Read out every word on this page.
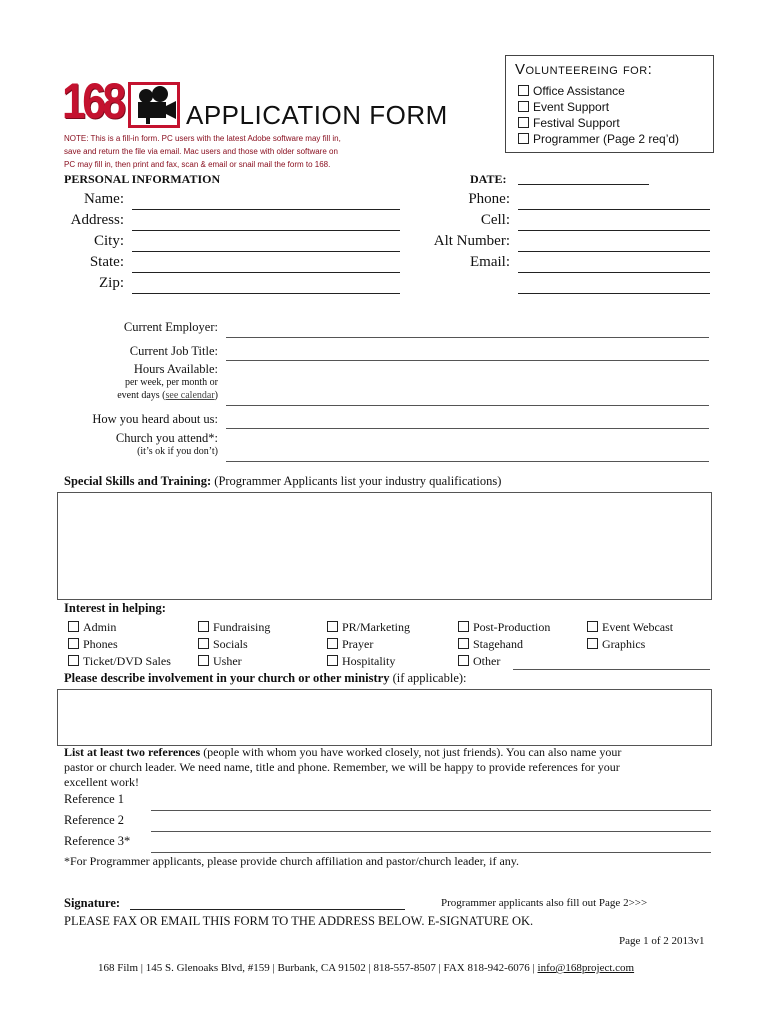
168 APPLICATION FORM
NOTE: This is a fill-in form. PC users with the latest Adobe software may fill in,
save and return the file via email. Mac users and those with older software on
PC may fill in, then print and fax, scan & email or snail mail the form to 168.
Volunteereing for:
Office Assistance
Event Support
Festival Support
Programmer (Page 2 req’d)
PERSONAL INFORMATION	DATE:
Name:
Address:
City:
State:
Zip:
Phone:
Cell:
Alt Number:
Email:
Current Employer:
Current Job Title:
Hours Available:
per week, per month or
event days (see calendar)
How you heard about us:
Church you attend*:
(it’s ok if you don’t)
Special Skills and Training: (Programmer Applicants list your industry qualifications)
Interest in helping:
Admin
Phones
Ticket/DVD Sales
Fundraising
Socials
Usher
PR/Marketing
Prayer
Hospitality
Post-Production
Stagehand
Other
Event Webcast
Graphics
Please describe involvement in your church or other ministry (if applicable):
List at least two references (people with whom you have worked closely, not just friends). You can also name your
pastor or church leader. We need name, title and phone. Remember, we will be happy to provide references for your
excellent work!
Reference 1
Reference 2
Reference 3*
*For Programmer applicants, please provide church affiliation and pastor/church leader, if any.
Signature:	Programmer applicants also fill out Page 2>>>
PLEASE FAX OR EMAIL THIS FORM TO THE ADDRESS BELOW. E-SIGNATURE OK.
Page 1 of 2 2013v1
168 Film | 145 S. Glenoaks Blvd, #159 | Burbank, CA 91502 | 818-557-8507 | FAX 818-942-6076 | info@168project.com
